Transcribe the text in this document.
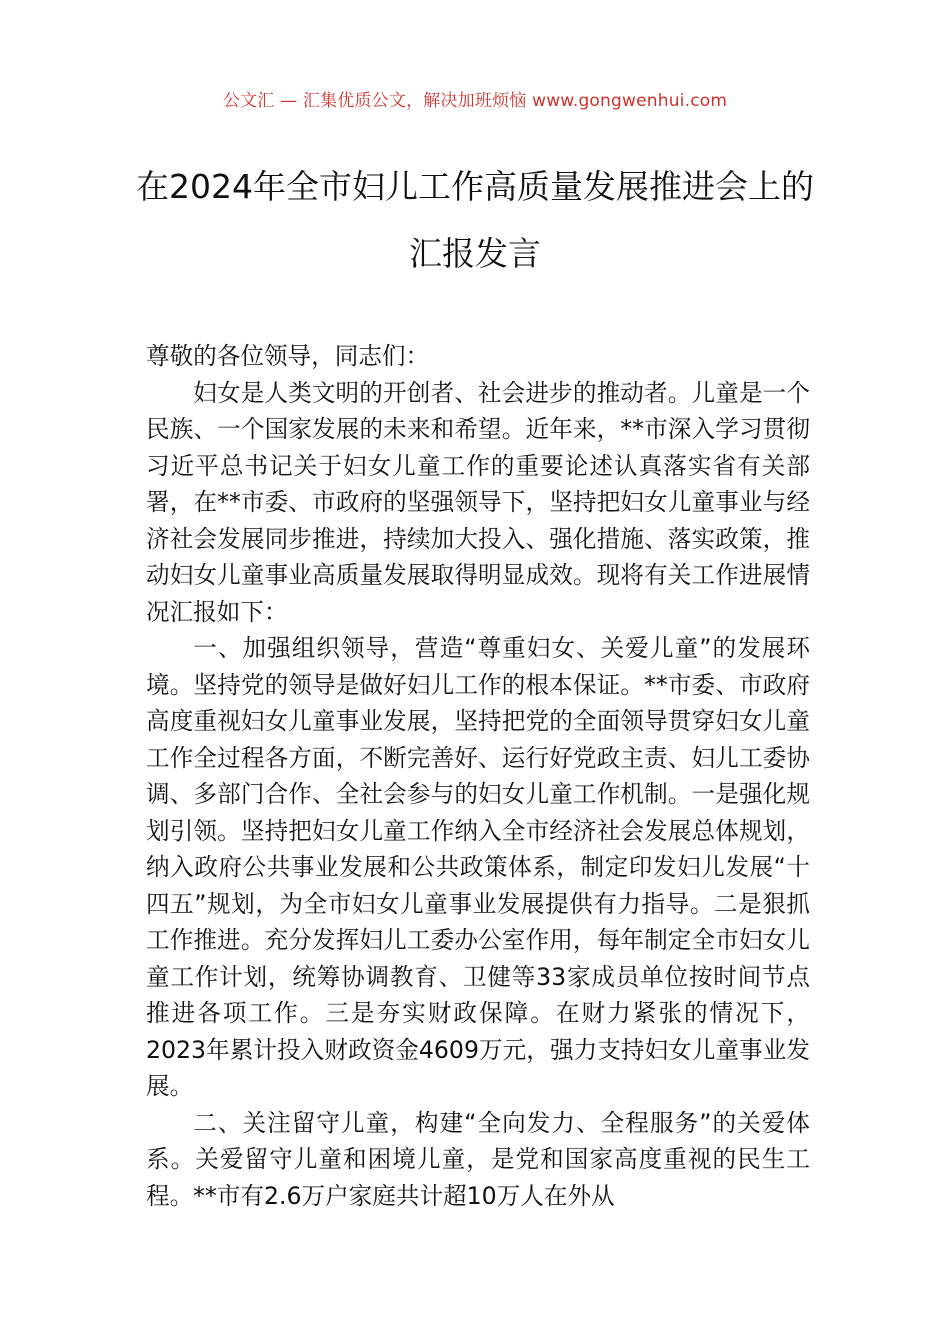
公文汇 — 汇集优质公文，解决加班烦恼 www.gongwenhui.com
在2024年全市妇儿工作高质量发展推进会上的汇报发言

尊敬的各位领导，同志们：

妇女是人类文明的开创者、社会进步的推动者。儿童是一个民族、一个国家发展的未来和希望。近年来，**市深入学习贯彻习近平总书记关于妇女儿童工作的重要论述认真落实省有关部署，在**市委、市政府的坚强领导下，坚持把妇女儿童事业与经济社会发展同步推进，持续加大投入、强化措施、落实政策，推动妇女儿童事业高质量发展取得明显成效。现将有关工作进展情况汇报如下：

一、加强组织领导，营造“尊重妇女、关爱儿童”的发展环境。坚持党的领导是做好妇儿工作的根本保证。**市委、市政府高度重视妇女儿童事业发展，坚持把党的全面领导贯穿妇女儿童工作全过程各方面，不断完善好、运行好党政主责、妇儿工委协调、多部门合作、全社会参与的妇女儿童工作机制。一是强化规划引领。坚持把妇女儿童工作纳入全市经济社会发展总体规划，纳入政府公共事业发展和公共政策体系，制定印发妇儿发展“十四五”规划，为全市妇女儿童事业发展提供有力指导。二是狠抓工作推进。充分发挥妇儿工委办公室作用，每年制定全市妇女儿童工作计划，统筹协调教育、卫健等33家成员单位按时间节点推进各项工作。三是夯实财政保障。在财力紧张的情况下，2023年累计投入财政资金4609万元，强力支持妇女儿童事业发展。

二、关注留守儿童，构建“全向发力、全程服务”的关爱体系。关爱留守儿童和困境儿童，是党和国家高度重视的民生工程。**市有2.6万户家庭共计超10万人在外从
